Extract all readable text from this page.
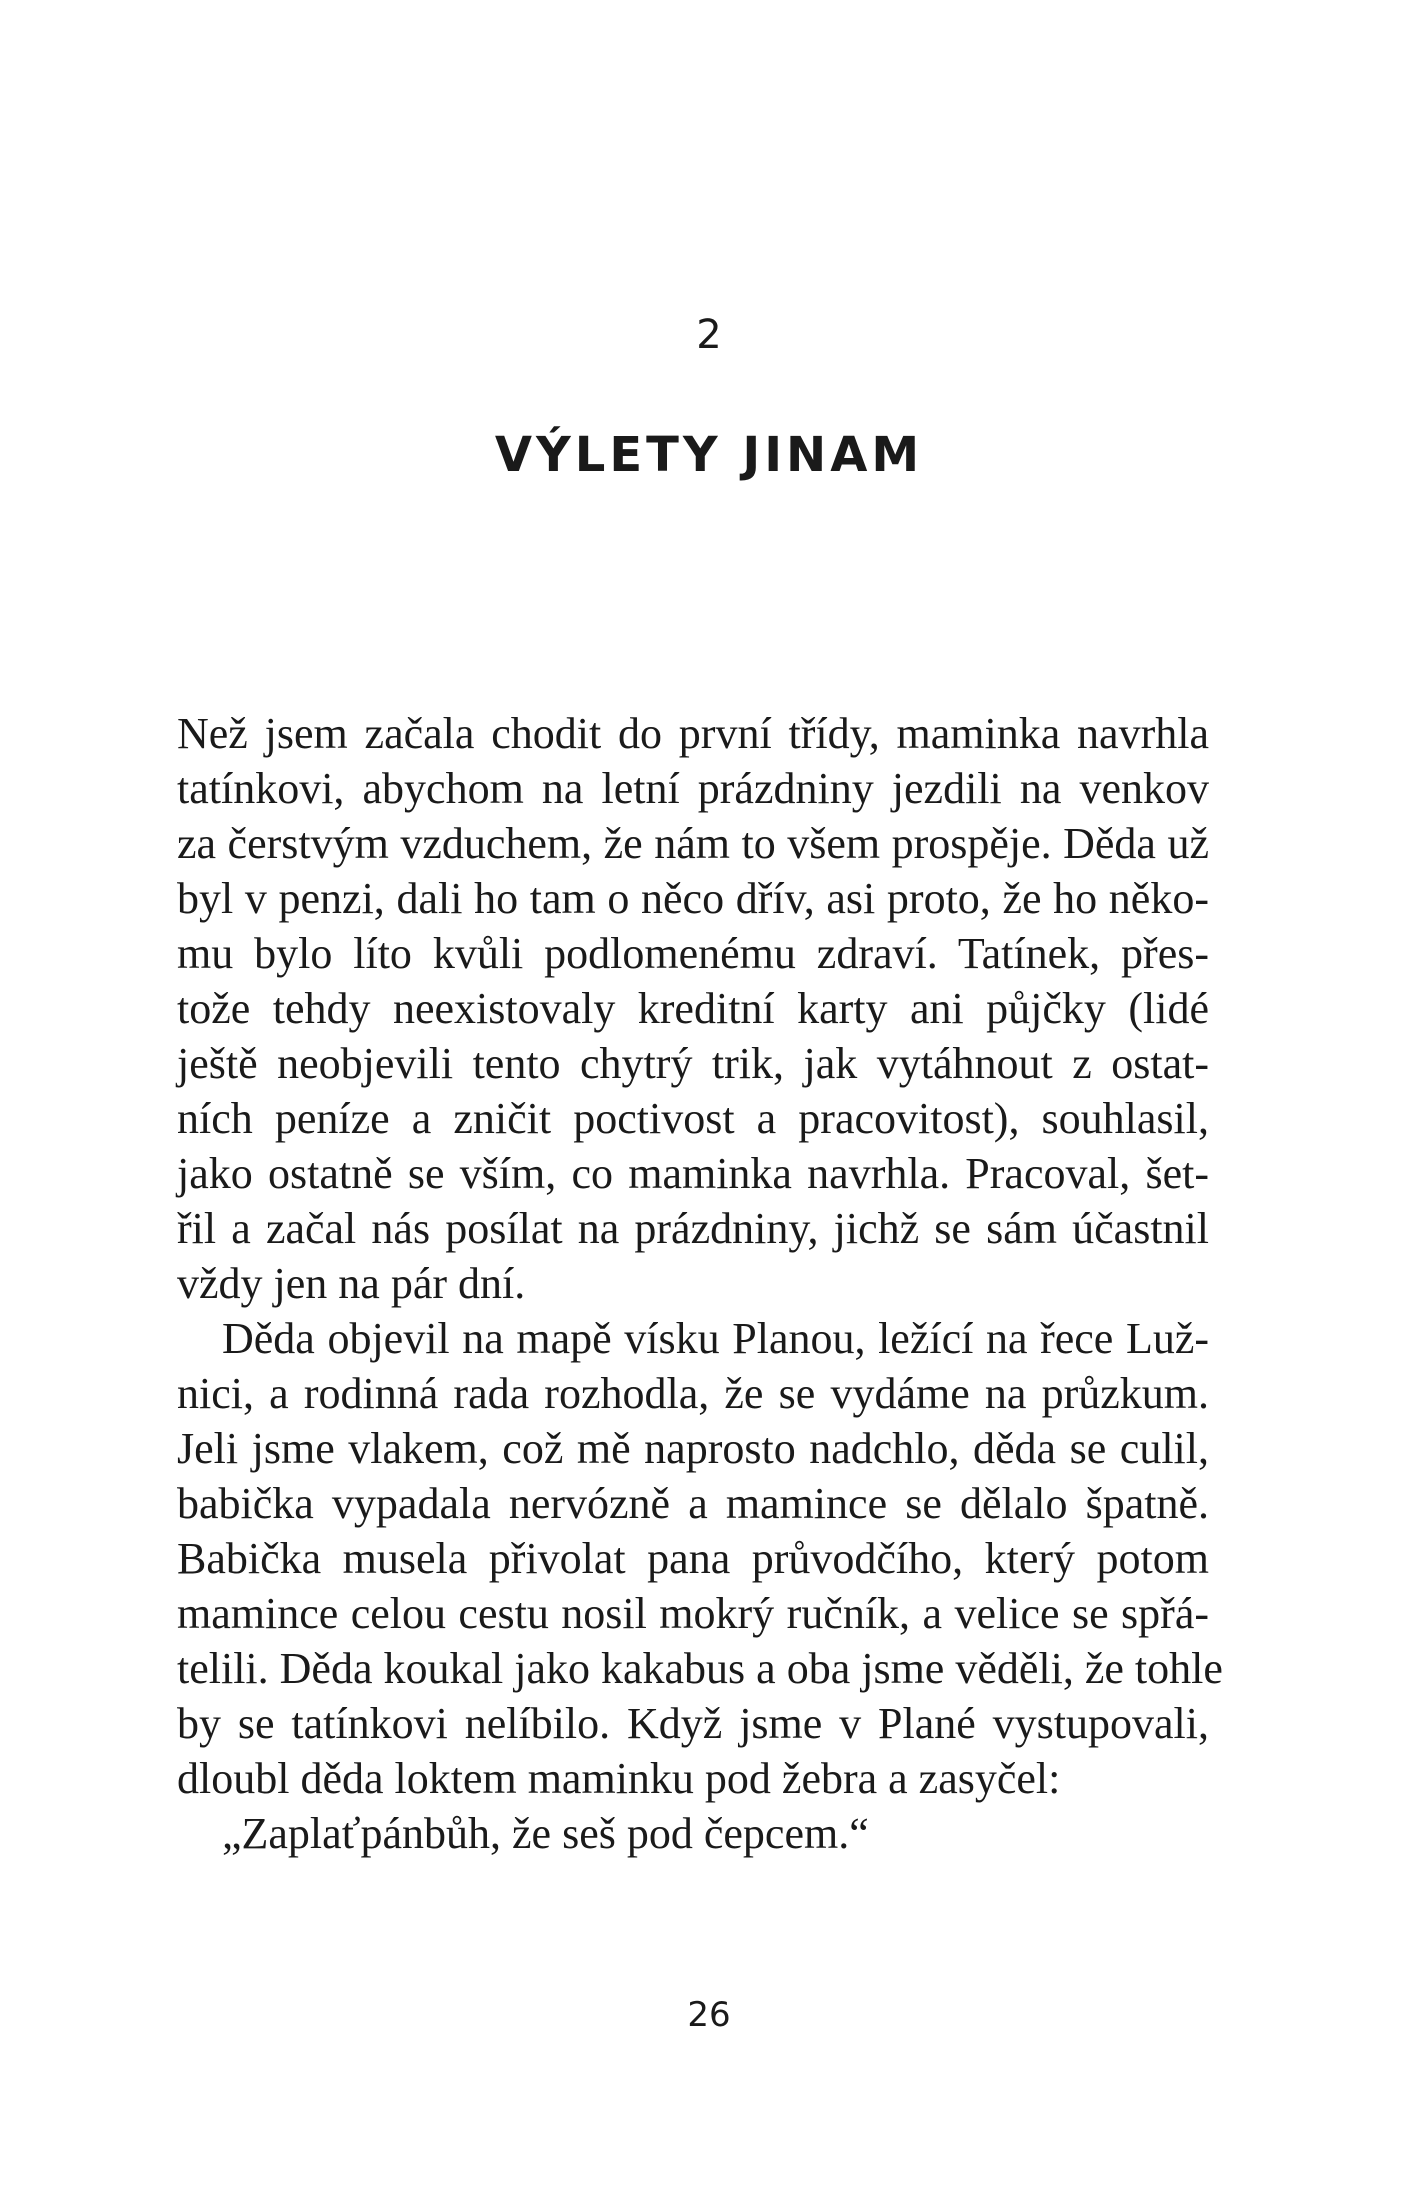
2
VÝLETY JINAM
Než jsem začala chodit do první třídy, maminka navrhla
tatínkovi, abychom na letní prázdniny jezdili na venkov
za čerstvým vzduchem, že nám to všem prospěje. Děda už
byl v penzi, dali ho tam o něco dřív, asi proto, že ho něko-
mu bylo líto kvůli podlomenému zdraví. Tatínek, přes-
tože tehdy neexistovaly kreditní karty ani půjčky (lidé
ještě neobjevili tento chytrý trik, jak vytáhnout z ostat-
ních peníze a zničit poctivost a pracovitost), souhlasil,
jako ostatně se vším, co maminka navrhla. Pracoval, šet-
řil a začal nás posílat na prázdniny, jichž se sám účastnil
vždy jen na pár dní.
Děda objevil na mapě vísku Planou, ležící na řece Luž-
nici, a rodinná rada rozhodla, že se vydáme na průzkum.
Jeli jsme vlakem, což mě naprosto nadchlo, děda se culil,
babička vypadala nervózně a mamince se dělalo špatně.
Babička musela přivolat pana průvodčího, který potom
mamince celou cestu nosil mokrý ručník, a velice se spřá-
telili. Děda koukal jako kakabus a oba jsme věděli, že tohle
by se tatínkovi nelíbilo. Když jsme v Plané vystupovali,
dloubl děda loktem maminku pod žebra a zasyčel:
„Zaplaťpánbůh, že seš pod čepcem.“
26
